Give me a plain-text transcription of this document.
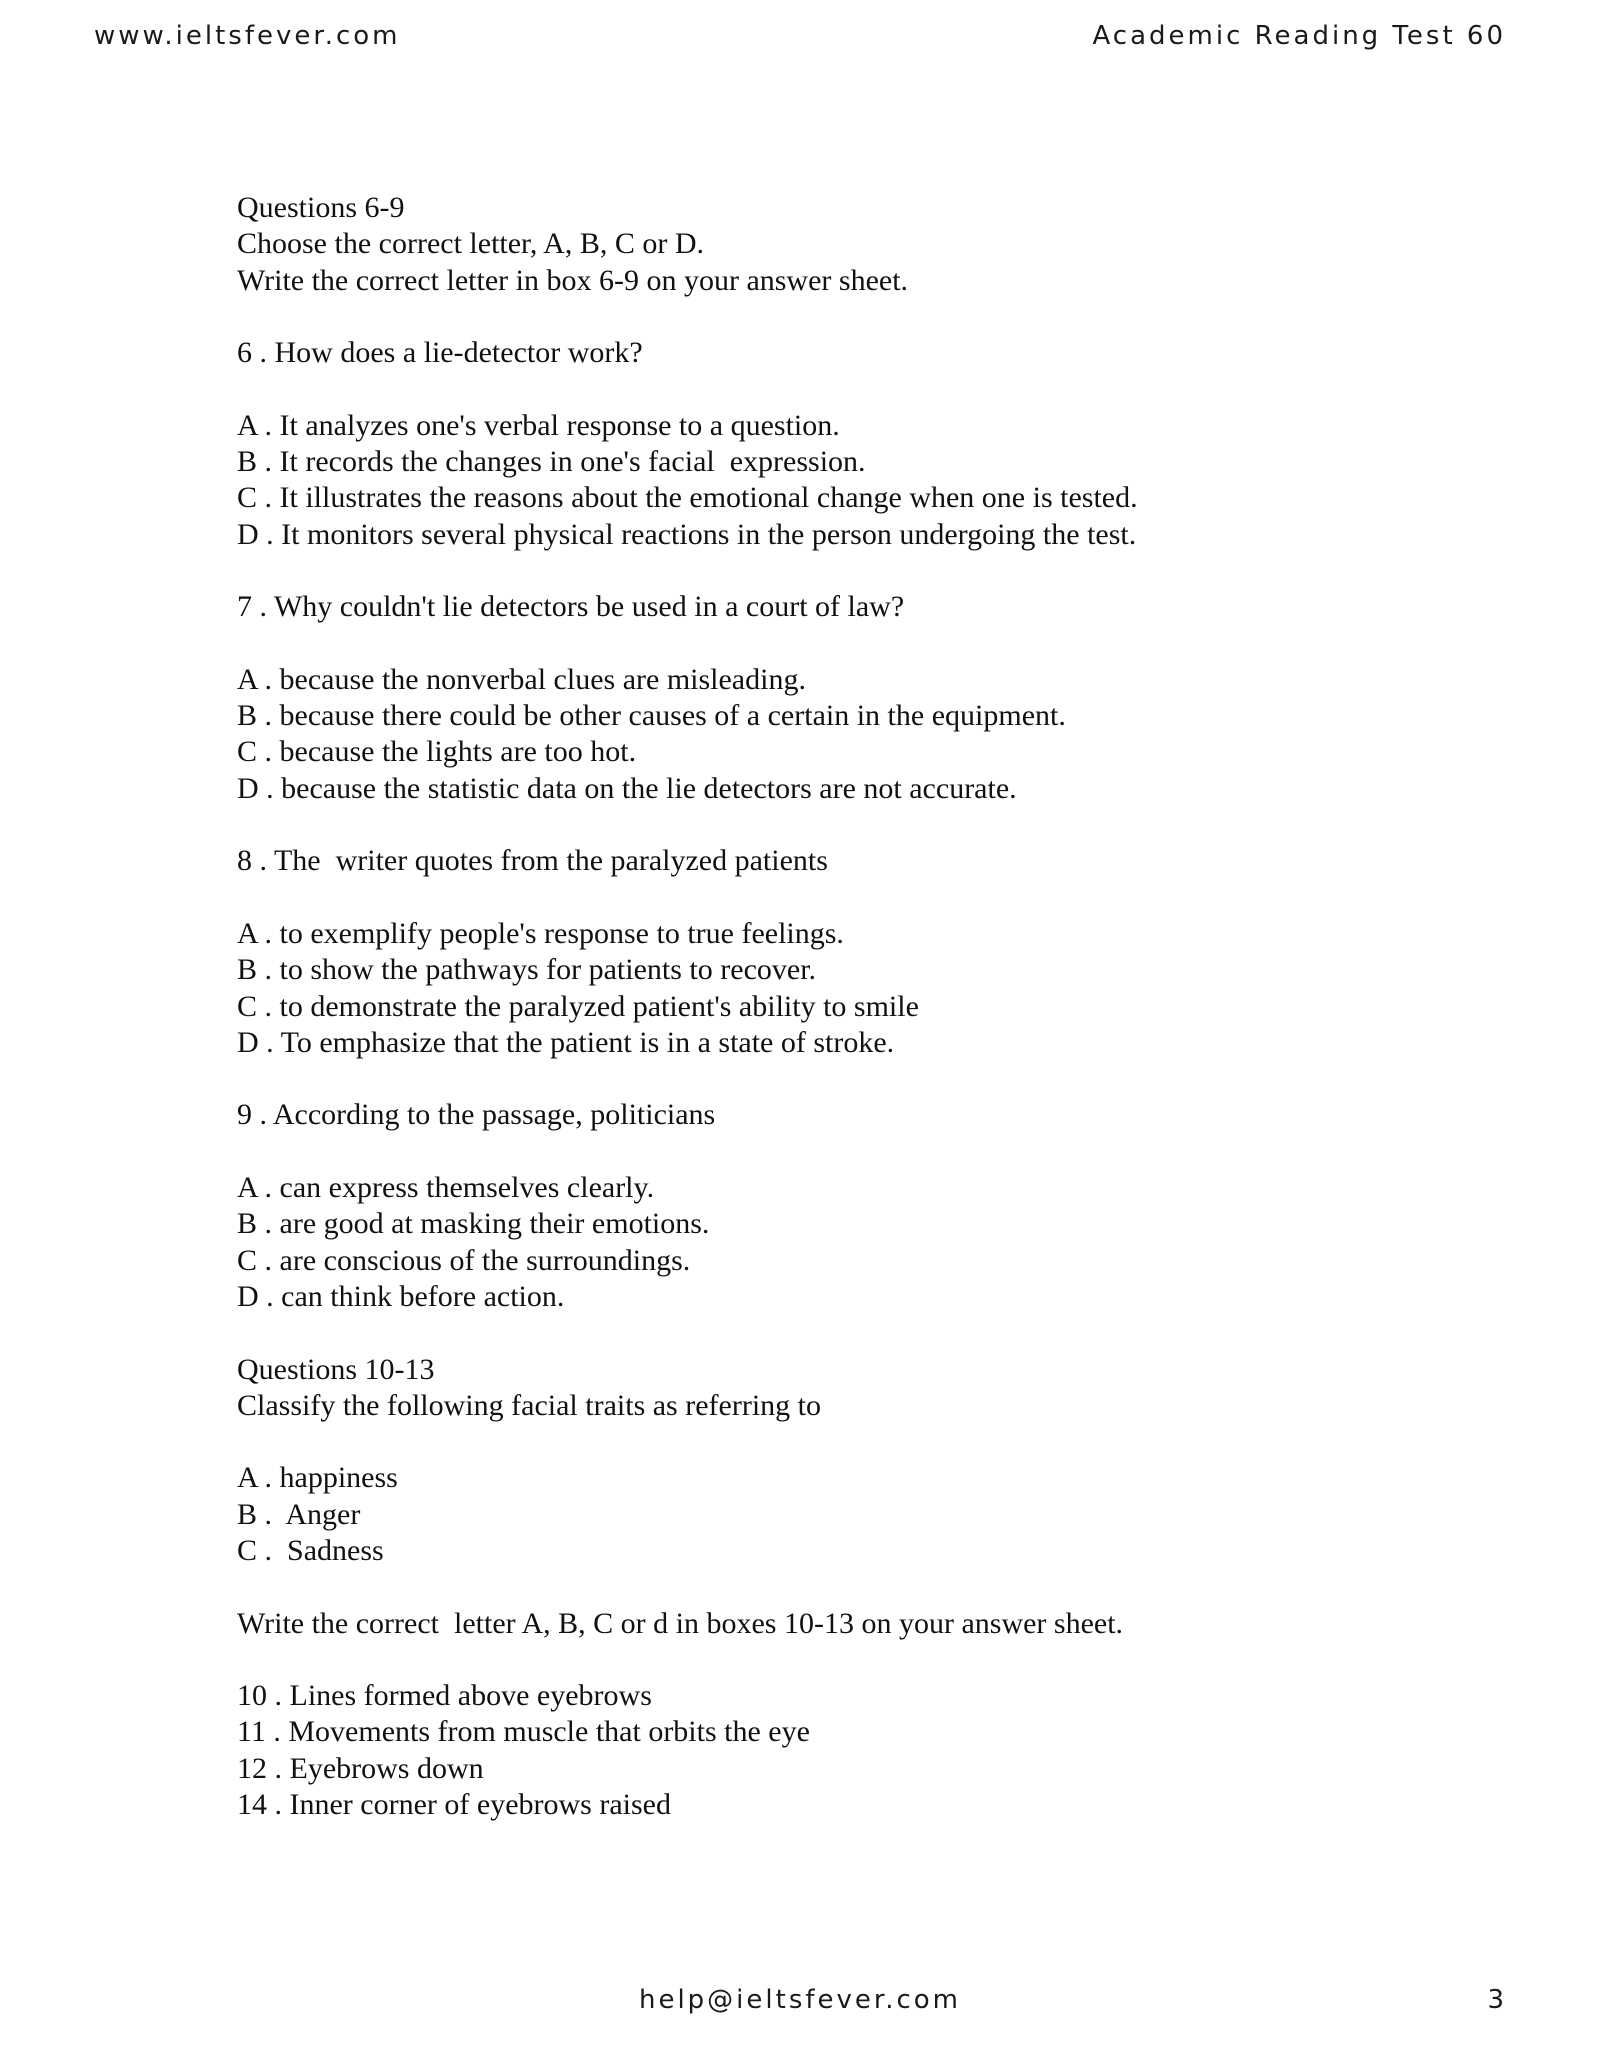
www.ieltsfever.com	Academic Reading Test 60
Questions 6-9
Choose the correct letter, A, B, C or D.
Write the correct letter in box 6-9 on your answer sheet.
6 . How does a lie-detector work?
A . It analyzes one's verbal response to a question.
B . It records the changes in one's facial  expression.
C . It illustrates the reasons about the emotional change when one is tested.
D . It monitors several physical reactions in the person undergoing the test.
7 . Why couldn't lie detectors be used in a court of law?
A . because the nonverbal clues are misleading.
B . because there could be other causes of a certain in the equipment.
C . because the lights are too hot.
D . because the statistic data on the lie detectors are not accurate.
8 . The  writer quotes from the paralyzed patients
A . to exemplify people's response to true feelings.
B . to show the pathways for patients to recover.
C . to demonstrate the paralyzed patient's ability to smile
D . To emphasize that the patient is in a state of stroke.
9 . According to the passage, politicians
A . can express themselves clearly.
B . are good at masking their emotions.
C . are conscious of the surroundings.
D . can think before action.
Questions 10-13
Classify the following facial traits as referring to
A . happiness
B .  Anger
C .  Sadness
Write the correct  letter A, B, C or d in boxes 10-13 on your answer sheet.
10 . Lines formed above eyebrows
11 . Movements from muscle that orbits the eye
12 . Eyebrows down
14 . Inner corner of eyebrows raised
help@ieltsfever.com	3
